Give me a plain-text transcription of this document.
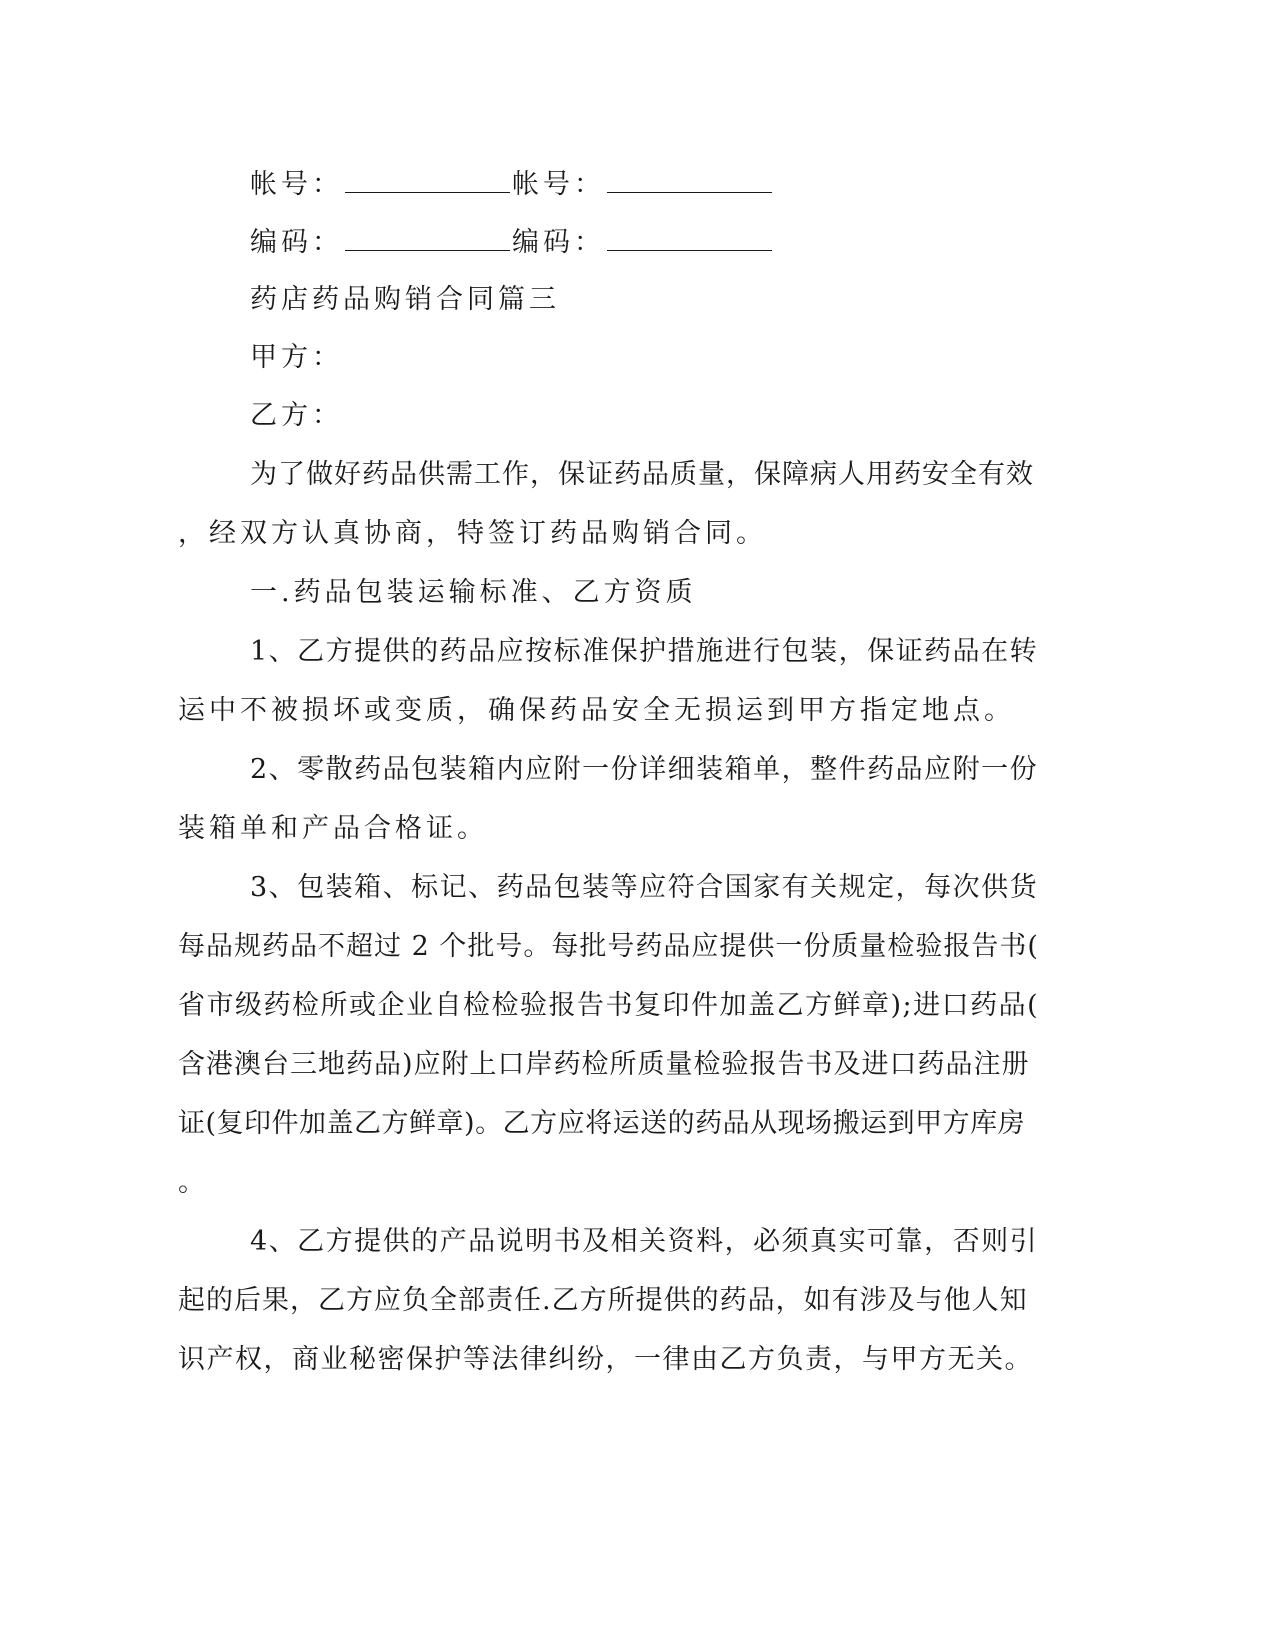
帐号：	帐号：
编码：	编码：
药店药品购销合同篇三
甲方：
乙方：
为了做好药品供需工作，保证药品质量，保障病人用药安全有效
，经双方认真协商，特签订药品购销合同。
一.药品包装运输标准、乙方资质
1、乙方提供的药品应按标准保护措施进行包装，保证药品在转
运中不被损坏或变质，确保药品安全无损运到甲方指定地点。
2、零散药品包装箱内应附一份详细装箱单，整件药品应附一份
装箱单和产品合格证。
3、包装箱、标记、药品包装等应符合国家有关规定，每次供货
每品规药品不超过 2 个批号。每批号药品应提供一份质量检验报告书(
省市级药检所或企业自检检验报告书复印件加盖乙方鲜章);进口药品(
含港澳台三地药品)应附上口岸药检所质量检验报告书及进口药品注册
证(复印件加盖乙方鲜章)。乙方应将运送的药品从现场搬运到甲方库房
。
4、乙方提供的产品说明书及相关资料，必须真实可靠，否则引
起的后果，乙方应负全部责任.乙方所提供的药品，如有涉及与他人知
识产权，商业秘密保护等法律纠纷，一律由乙方负责，与甲方无关。
